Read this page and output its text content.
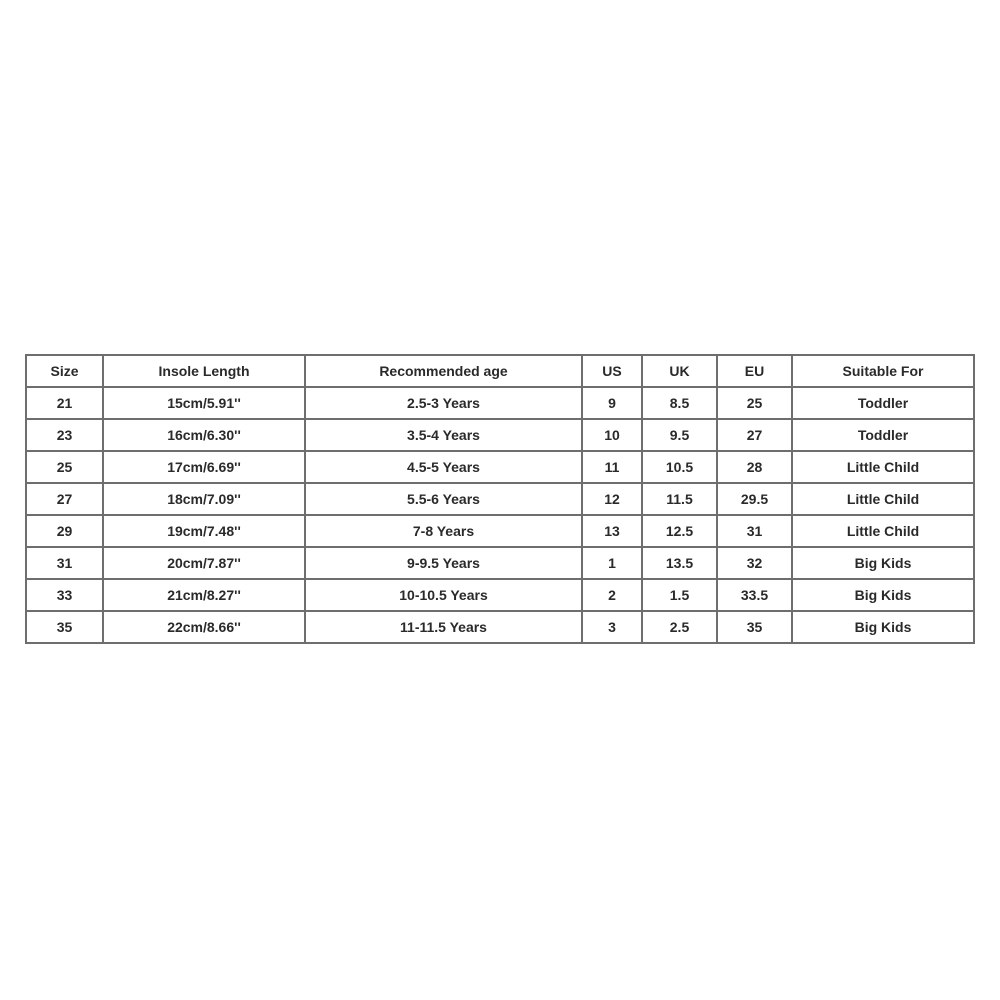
Size	Insole Length	Recommended age	US	UK	EU	Suitable For
21	15cm/5.91''	2.5-3 Years	9	8.5	25	Toddler
23	16cm/6.30''	3.5-4 Years	10	9.5	27	Toddler
25	17cm/6.69''	4.5-5 Years	11	10.5	28	Little Child
27	18cm/7.09''	5.5-6 Years	12	11.5	29.5	Little Child
29	19cm/7.48''	7-8 Years	13	12.5	31	Little Child
31	20cm/7.87''	9-9.5 Years	1	13.5	32	Big Kids
33	21cm/8.27''	10-10.5 Years	2	1.5	33.5	Big Kids
35	22cm/8.66''	11-11.5 Years	3	2.5	35	Big Kids
